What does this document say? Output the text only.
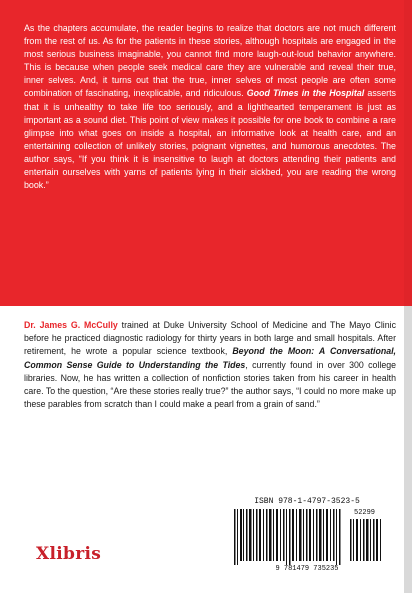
As the chapters accumulate, the reader begins to realize that doctors are not much different from the rest of us. As for the patients in these stories, although hospitals are engaged in the most serious business imaginable, you cannot find more laugh-out-loud behavior anywhere. This is because when people seek medical care they are vulnerable and reveal their true, inner selves. And, it turns out that the true, inner selves of most people are often some combination of fascinating, inexplicable, and ridiculous. Good Times in the Hospital asserts that it is unhealthy to take life too seriously, and a lighthearted temperament is just as important as a sound diet. This point of view makes it possible for one book to combine a rare glimpse into what goes on inside a hospital, an informative look at health care, and an entertaining collection of unlikely stories, poignant vignettes, and humorous anecdotes. The author says, “If you think it is insensitive to laugh at doctors attending their patients and entertain ourselves with yarns of patients lying in their sickbed, you are reading the wrong book.”

Dr. James G. McCully trained at Duke University School of Medicine and The Mayo Clinic before he practiced diagnostic radiology for thirty years in both large and small hospitals. After retirement, he wrote a popular science textbook, Beyond the Moon: A Conversational, Common Sense Guide to Understanding the Tides, currently found in over 300 college libraries. Now, he has written a collection of nonfiction stories taken from his career in health care. To the question, “Are these stories really true?” the author says, “I could no more make up these parables from scratch than I could make a pearl from a grain of sand.”

Xlibris
ISBN 978-1-4797-3523-5
52299
9 781479 735235
